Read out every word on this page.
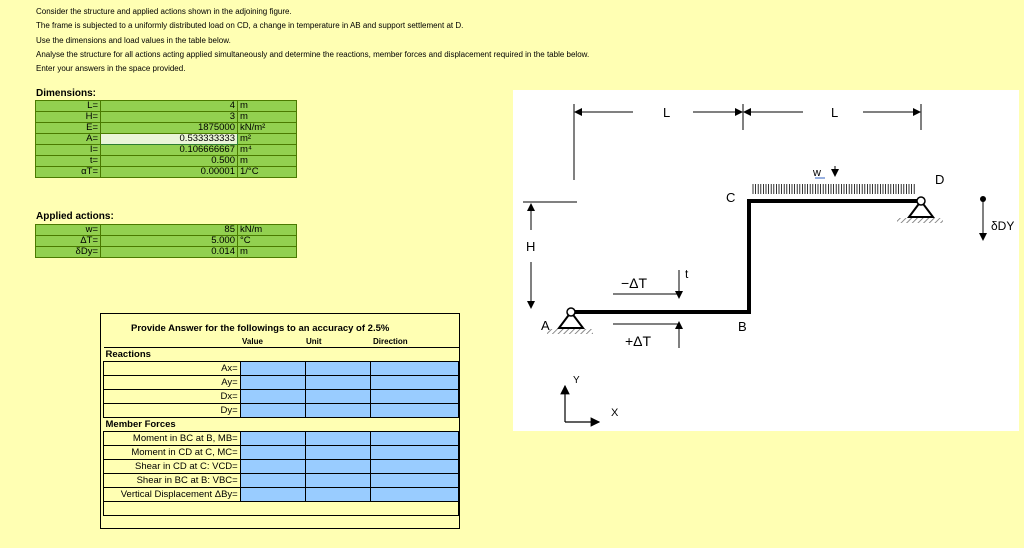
Consider the structure and applied actions shown in the adjoining figure.
The frame is subjected to a uniformly distributed load on CD, a change in temperature in AB and support settlement at D.
Use the dimensions and load values in the table below.
Analyse the structure for all actions acting applied simultaneously and determine the reactions, member forces and displacement required in the table below.
Enter your answers in the space provided.
Dimensions:
L=	4	m
H=	3	m
E=	1875000	kN/m²
A=	0.533333333	m²
I=	0.106666667	m⁴
t=	0.500	m
αT=	0.00001	1/°C
Applied actions:
w=	85	kN/m
ΔT=	5.000	°C
δDy=	0.014	m
Provide Answer for the followings to an accuracy of 2.5%
Value	Unit	Direction
Reactions			
Ax=			
Ay=			
Dx=			
Dy=			
Member Forces			
Moment in BC at B, MB=			
Moment in CD at C, MC=			
Shear in CD at C: VCD=			
Shear in BC at B: VBC=			
Vertical Displacement ΔBy=			

L	L
H
w
A
D
C
B
δDY
−ΔT
+ΔT
t
Y
X
